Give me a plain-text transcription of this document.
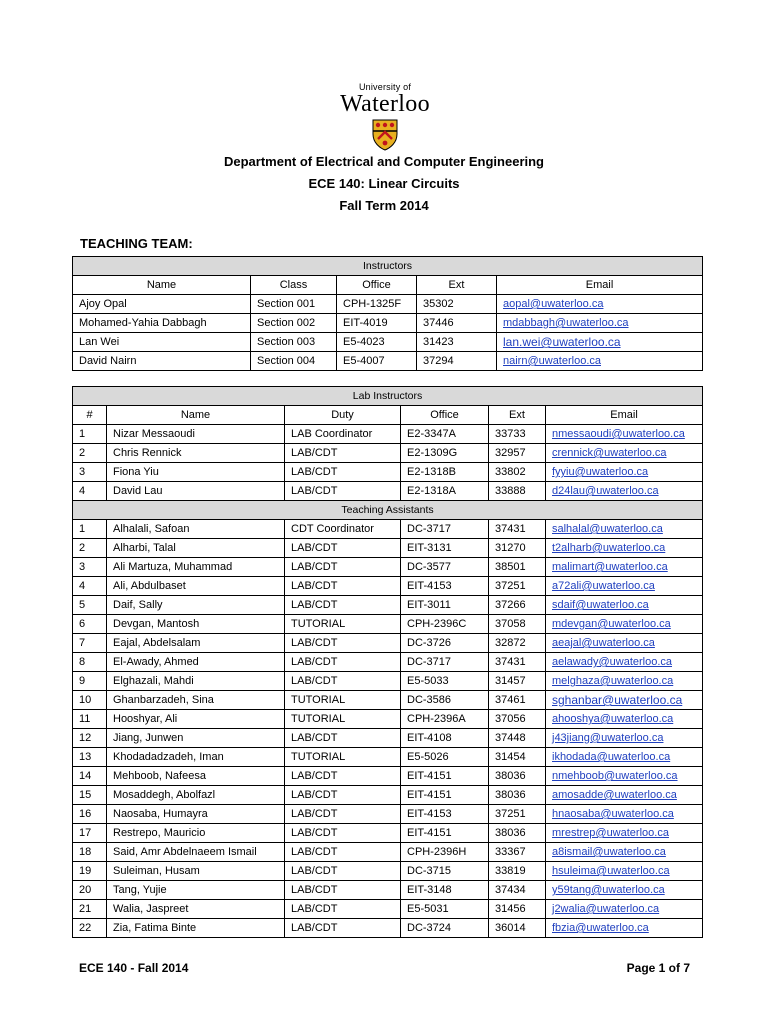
University of
Waterloo
Department of Electrical and Computer Engineering
ECE 140: Linear Circuits
Fall Term 2014
TEACHING TEAM:
Instructors				
Name	Class	Office	Ext	Email
Ajoy Opal	Section 001	CPH-1325F	35302	aopal@uwaterloo.ca
Mohamed-Yahia Dabbagh	Section 002	EIT-4019	37446	mdabbagh@uwaterloo.ca
Lan Wei	Section 003	E5-4023	31423	lan.wei@uwaterloo.ca
David Nairn	Section 004	E5-4007	37294	nairn@uwaterloo.ca
Lab Instructors					
#	Name	Duty	Office	Ext	Email
1	Nizar Messaoudi	LAB Coordinator	E2-3347A	33733	nmessaoudi@uwaterloo.ca
2	Chris Rennick	LAB/CDT	E2-1309G	32957	crennick@uwaterloo.ca
3	Fiona Yiu	LAB/CDT	E2-1318B	33802	fyyiu@uwaterloo.ca
4	David Lau	LAB/CDT	E2-1318A	33888	d24lau@uwaterloo.ca
Teaching Assistants					
1	Alhalali, Safoan	CDT Coordinator	DC-3717	37431	salhalal@uwaterloo.ca
2	Alharbi, Talal	LAB/CDT	EIT-3131	31270	t2alharb@uwaterloo.ca
3	Ali Martuza, Muhammad	LAB/CDT	DC-3577	38501	malimart@uwaterloo.ca
4	Ali, Abdulbaset	LAB/CDT	EIT-4153	37251	a72ali@uwaterloo.ca
5	Daif, Sally	LAB/CDT	EIT-3011	37266	sdaif@uwaterloo.ca
6	Devgan, Mantosh	TUTORIAL	CPH-2396C	37058	mdevgan@uwaterloo.ca
7	Eajal, Abdelsalam	LAB/CDT	DC-3726	32872	aeajal@uwaterloo.ca
8	El-Awady, Ahmed	LAB/CDT	DC-3717	37431	aelawady@uwaterloo.ca
9	Elghazali, Mahdi	LAB/CDT	E5-5033	31457	melghaza@uwaterloo.ca
10	Ghanbarzadeh, Sina	TUTORIAL	DC-3586	37461	sghanbar@uwaterloo.ca
11	Hooshyar, Ali	TUTORIAL	CPH-2396A	37056	ahooshya@uwaterloo.ca
12	Jiang, Junwen	LAB/CDT	EIT-4108	37448	j43jiang@uwaterloo.ca
13	Khodadadzadeh, Iman	TUTORIAL	E5-5026	31454	ikhodada@uwaterloo.ca
14	Mehboob, Nafeesa	LAB/CDT	EIT-4151	38036	nmehboob@uwaterloo.ca
15	Mosaddegh, Abolfazl	LAB/CDT	EIT-4151	38036	amosadde@uwaterloo.ca
16	Naosaba, Humayra	LAB/CDT	EIT-4153	37251	hnaosaba@uwaterloo.ca
17	Restrepo, Mauricio	LAB/CDT	EIT-4151	38036	mrestrep@uwaterloo.ca
18	Said, Amr Abdelnaeem Ismail	LAB/CDT	CPH-2396H	33367	a8ismail@uwaterloo.ca
19	Suleiman, Husam	LAB/CDT	DC-3715	33819	hsuleima@uwaterloo.ca
20	Tang, Yujie	LAB/CDT	EIT-3148	37434	y59tang@uwaterloo.ca
21	Walia, Jaspreet	LAB/CDT	E5-5031	31456	j2walia@uwaterloo.ca
22	Zia, Fatima Binte	LAB/CDT	DC-3724	36014	fbzia@uwaterloo.ca
ECE 140 - Fall 2014	Page 1 of 7
